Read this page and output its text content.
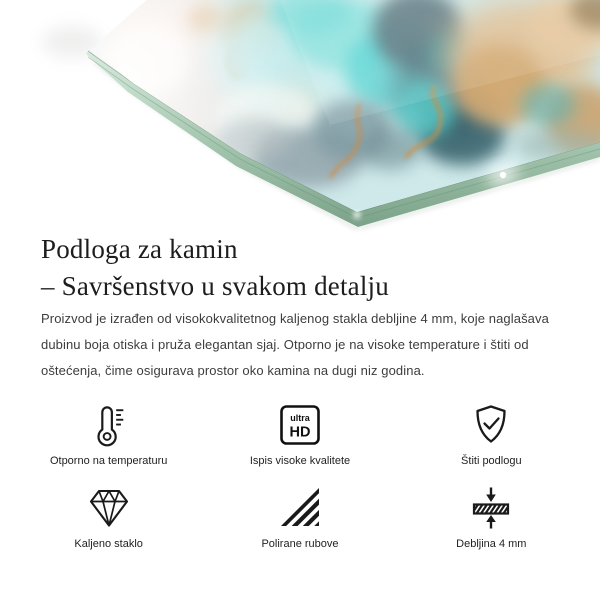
Podloga za kamin
– Savršenstvo u svakom detalju
Proizvod je izrađen od visokokvalitetnog kaljenog stakla debljine 4 mm, koje naglašava dubinu boja otiska i pruža elegantan sjaj. Otporno je na visoke temperature i štiti od oštećenja, čime osigurava prostor oko kamina na dugi niz godina.
Otporno na temperaturu
ultra
HD
Ispis visoke kvalitete	Štiti podlogu
Kaljeno staklo	Polirane rubove	Debljina 4 mm
